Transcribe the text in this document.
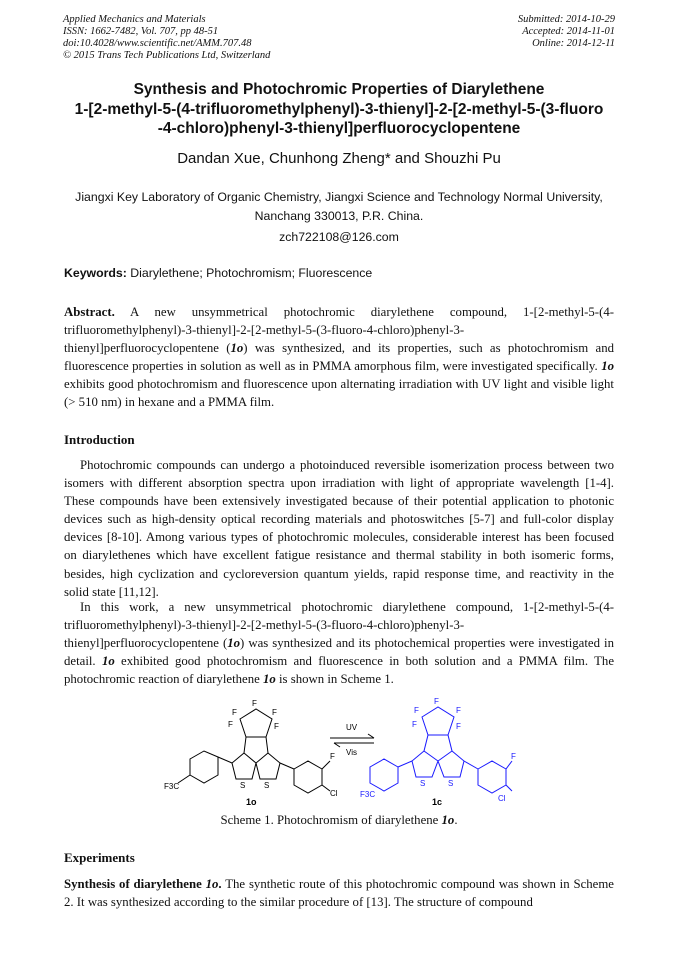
Applied Mechanics and Materials
ISSN: 1662-7482, Vol. 707, pp 48-51
doi:10.4028/www.scientific.net/AMM.707.48
© 2015 Trans Tech Publications Ltd, Switzerland
Submitted: 2014-10-29
Accepted: 2014-11-01
Online: 2014-12-11
Synthesis and Photochromic Properties of Diarylethene
1-[2-methyl-5-(4-trifluoromethylphenyl)-3-thienyl]-2-[2-methyl-5-(3-fluoro
-4-chloro)phenyl-3-thienyl]perfluorocyclopentene
Dandan Xue, Chunhong Zheng* and Shouzhi Pu
Jiangxi Key Laboratory of Organic Chemistry, Jiangxi Science and Technology Normal University,
Nanchang 330013, P.R. China.
zch722108@126.com
Keywords: Diarylethene; Photochromism; Fluorescence
Abstract. A new unsymmetrical photochromic diarylethene compound, 1-[2-methyl-5-(4-trifluoromethylphenyl)-3-thienyl]-2-[2-methyl-5-(3-fluoro-4-chloro)phenyl-3-thienyl]perfluorocyclopentene (1o) was synthesized, and its properties, such as photochromism and fluorescence properties in solution as well as in PMMA amorphous film, were investigated specifically. 1o exhibits good photochromism and fluorescence upon alternating irradiation with UV light and visible light (> 510 nm) in hexane and a PMMA film.
Introduction
Photochromic compounds can undergo a photoinduced reversible isomerization process between two isomers with different absorption spectra upon irradiation with light of appropriate wavelength [1-4]. These compounds have been extensively investigated because of their potential application to photonic devices such as high-density optical recording materials and photoswitches [5-7] and full-color display devices [8-10]. Among various types of photochromic molecules, considerable interest has been focused on diarylethenes which have excellent fatigue resistance and thermal stability in both isomeric forms, besides, high cyclization and cycloreversion quantum yields, rapid response time, and reactivity in the solid state [11,12].
In this work, a new unsymmetrical photochromic diarylethene compound, 1-[2-methyl-5-(4-trifluoromethylphenyl)-3-thienyl]-2-[2-methyl-5-(3-fluoro-4-chloro)phenyl-3-thienyl]perfluorocyclopentene (1o) was synthesized and its photochemical properties were investigated in detail. 1o exhibited good photochromism and fluorescence in both solution and a PMMA film. The photochromic reaction of diarylethene 1o is shown in Scheme 1.
F
F
F
F	F
S S
F3C
F
Cl
1o
UV
Vis
F
F
F
F	F
S	S
F3C
F
Cl
1c
Scheme 1. Photochromism of diarylethene 1o.
Experiments
Synthesis of diarylethene 1o. The synthetic route of this photochromic compound was shown in Scheme 2. It was synthesized according to the similar procedure of [13]. The structure of compound
